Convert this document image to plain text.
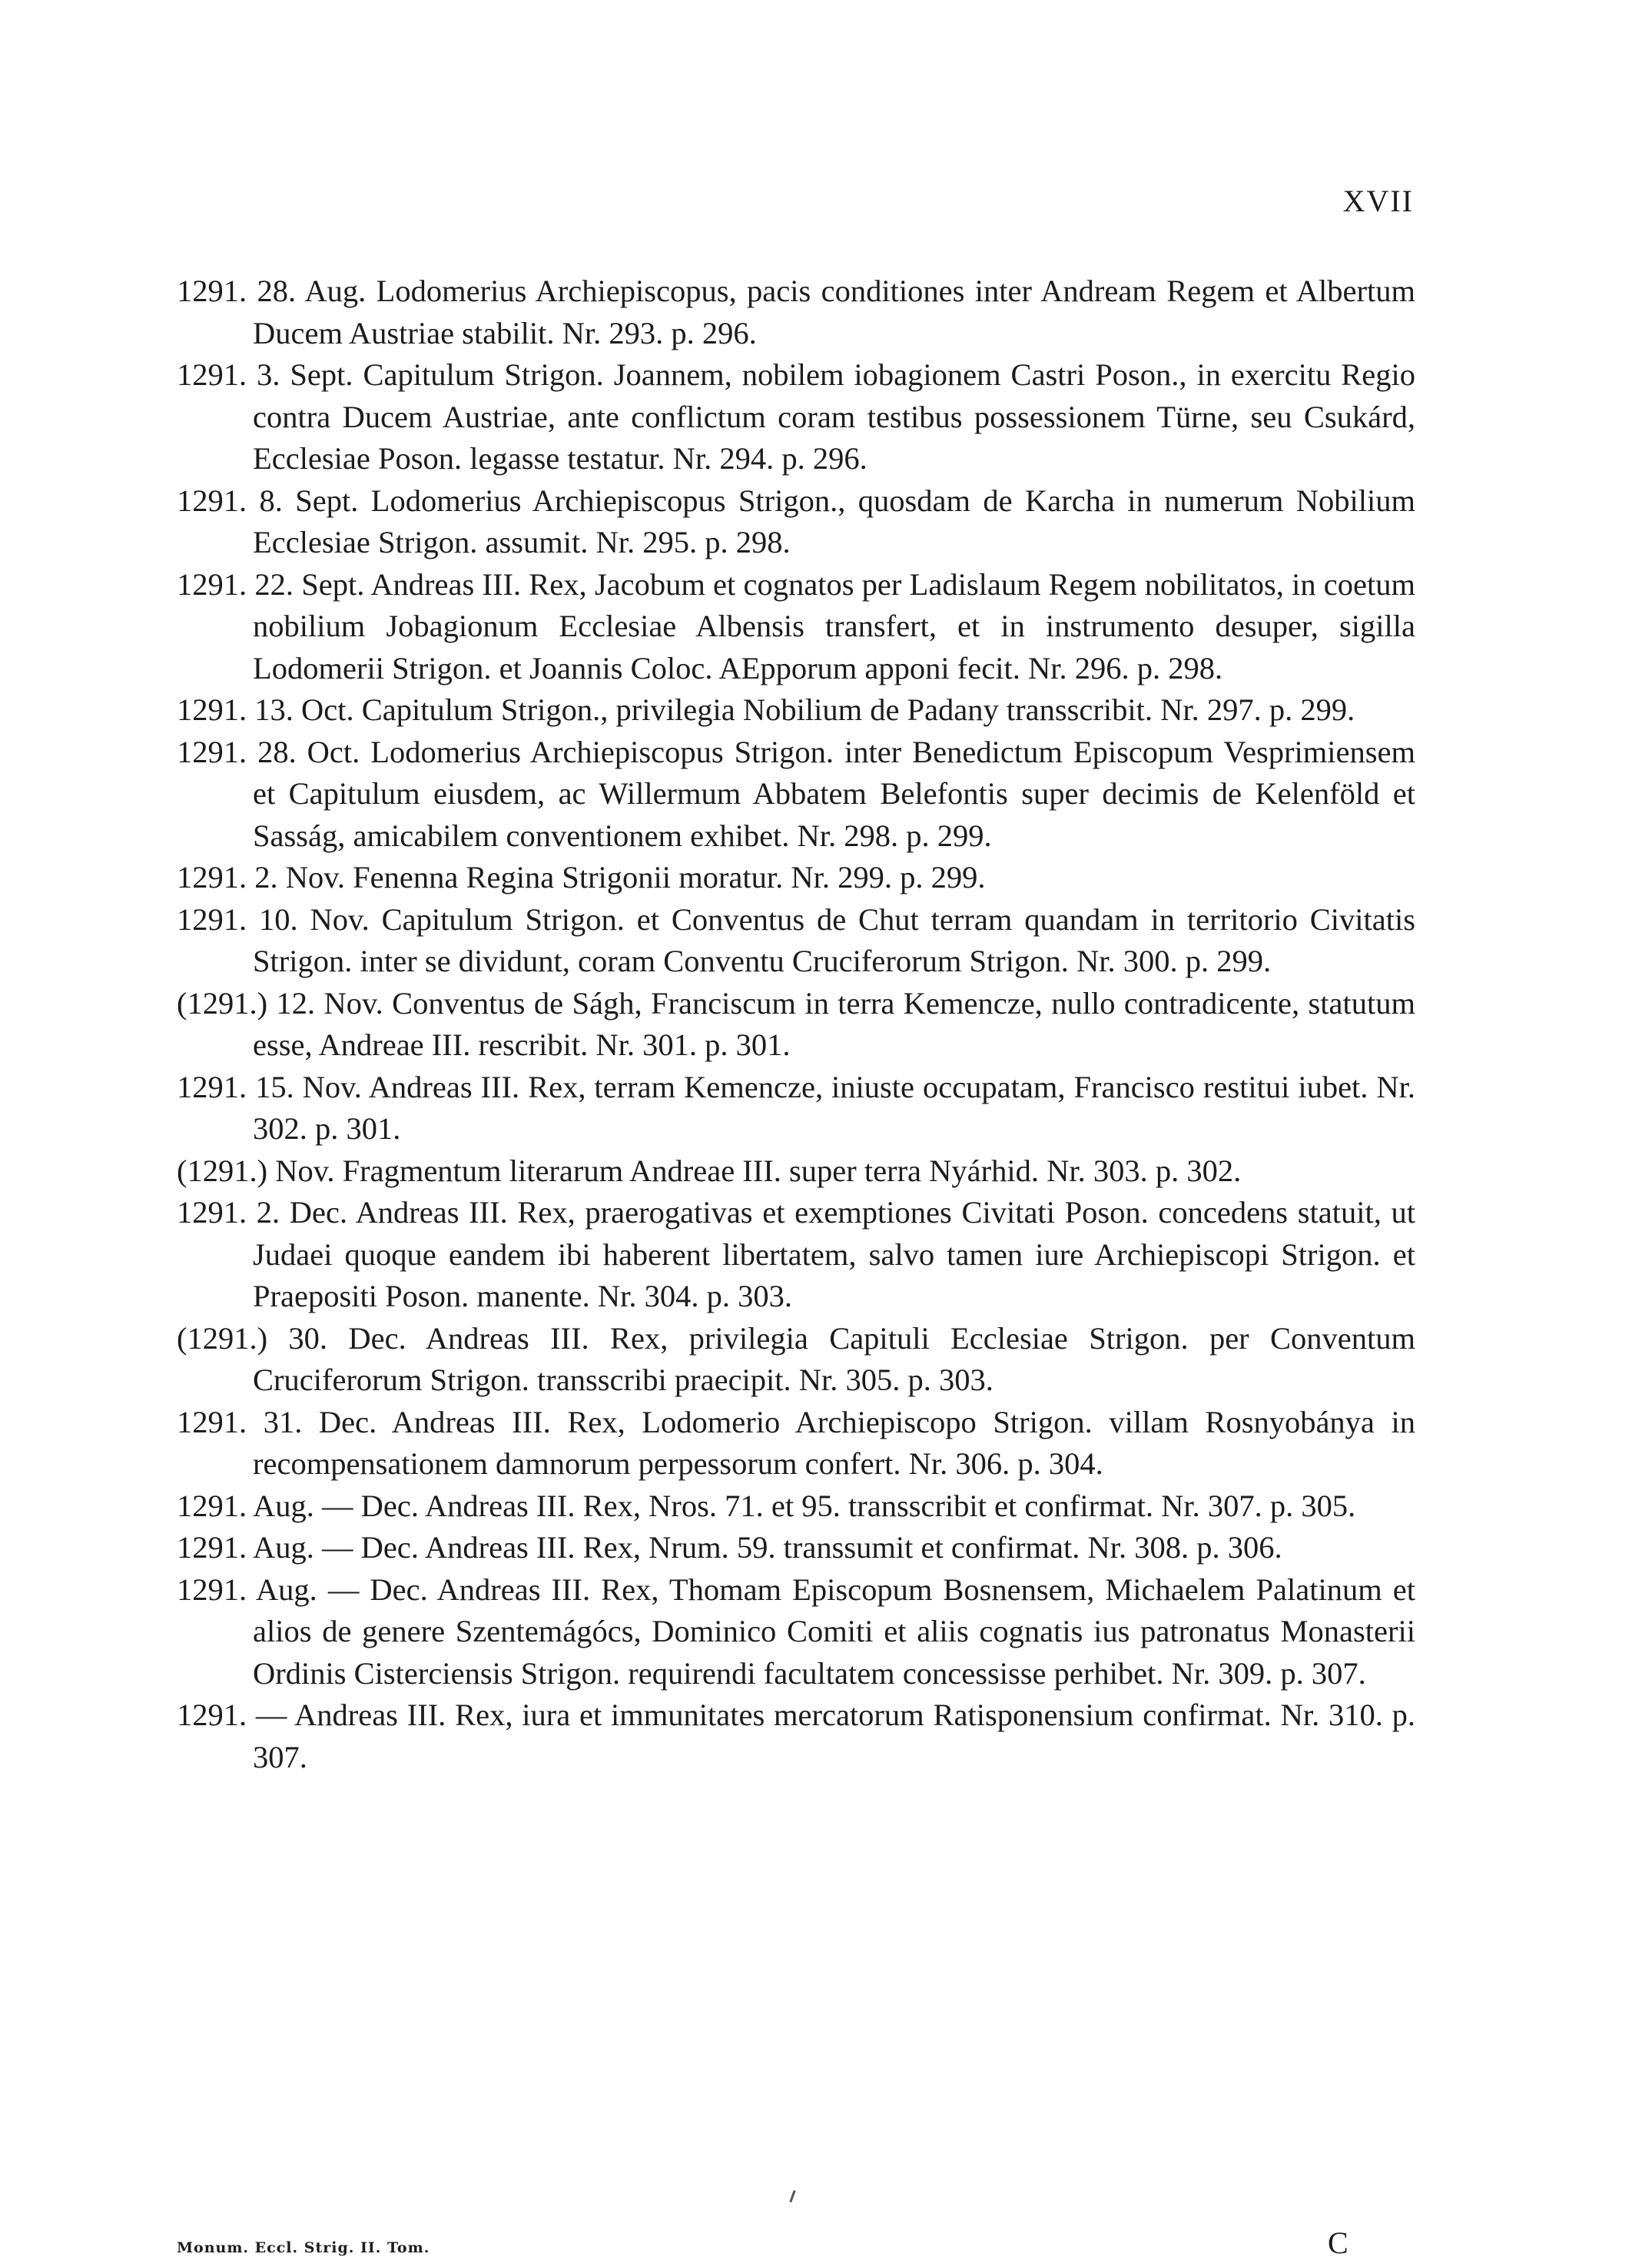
XVII

1291. 28. Aug. Lodomerius Archiepiscopus, pacis conditiones inter Andream Regem et Albertum Ducem Austriae stabilit. Nr. 293. p. 296.

1291. 3. Sept. Capitulum Strigon. Joannem, nobilem iobagionem Castri Poson., in exercitu Regio contra Ducem Austriae, ante conflictum coram testibus possessionem Türne, seu Csukárd, Ecclesiae Poson. legasse testatur. Nr. 294. p. 296.

1291. 8. Sept. Lodomerius Archiepiscopus Strigon., quosdam de Karcha in numerum Nobilium Ecclesiae Strigon. assumit. Nr. 295. p. 298.

1291. 22. Sept. Andreas III. Rex, Jacobum et cognatos per Ladislaum Regem nobilitatos, in coetum nobilium Jobagionum Ecclesiae Albensis transfert, et in instrumento desuper, sigilla Lodomerii Strigon. et Joannis Coloc. AEpporum apponi fecit. Nr. 296. p. 298.

1291. 13. Oct. Capitulum Strigon., privilegia Nobilium de Padany transscribit. Nr. 297. p. 299.

1291. 28. Oct. Lodomerius Archiepiscopus Strigon. inter Benedictum Episcopum Vesprimiensem et Capitulum eiusdem, ac Willermum Abbatem Belefontis super decimis de Kelenföld et Sasság, amicabilem conventionem exhibet. Nr. 298. p. 299.

1291. 2. Nov. Fenenna Regina Strigonii moratur. Nr. 299. p. 299.

1291. 10. Nov. Capitulum Strigon. et Conventus de Chut terram quandam in territorio Civitatis Strigon. inter se dividunt, coram Conventu Cruciferorum Strigon. Nr. 300. p. 299.

(1291.) 12. Nov. Conventus de Ságh, Franciscum in terra Kemencze, nullo contradicente, statutum esse, Andreae III. rescribit. Nr. 301. p. 301.

1291. 15. Nov. Andreas III. Rex, terram Kemencze, iniuste occupatam, Francisco restitui iubet. Nr. 302. p. 301.

(1291.) Nov. Fragmentum literarum Andreae III. super terra Nyárhid. Nr. 303. p. 302.

1291. 2. Dec. Andreas III. Rex, praerogativas et exemptiones Civitati Poson. concedens statuit, ut Judaei quoque eandem ibi haberent libertatem, salvo tamen iure Archiepiscopi Strigon. et Praepositi Poson. manente. Nr. 304. p. 303.

(1291.) 30. Dec. Andreas III. Rex, privilegia Capituli Ecclesiae Strigon. per Conventum Cruciferorum Strigon. transscribi praecipit. Nr. 305. p. 303.

1291. 31. Dec. Andreas III. Rex, Lodomerio Archiepiscopo Strigon. villam Rosnyobánya in recompensationem damnorum perpessorum confert. Nr. 306. p. 304.

1291. Aug. — Dec. Andreas III. Rex, Nros. 71. et 95. transscribit et confirmat. Nr. 307. p. 305.

1291. Aug. — Dec. Andreas III. Rex, Nrum. 59. transsumit et confirmat. Nr. 308. p. 306.

1291. Aug. — Dec. Andreas III. Rex, Thomam Episcopum Bosnensem, Michaelem Palatinum et alios de genere Szentemágócs, Dominico Comiti et aliis cognatis ius patronatus Monasterii Ordinis Cisterciensis Strigon. requirendi facultatem concessisse perhibet. Nr. 309. p. 307.

1291. — Andreas III. Rex, iura et immunitates mercatorum Ratisponensium confirmat. Nr. 310. p. 307.

Monum. Eccl. Strig. II. Tom.	C
